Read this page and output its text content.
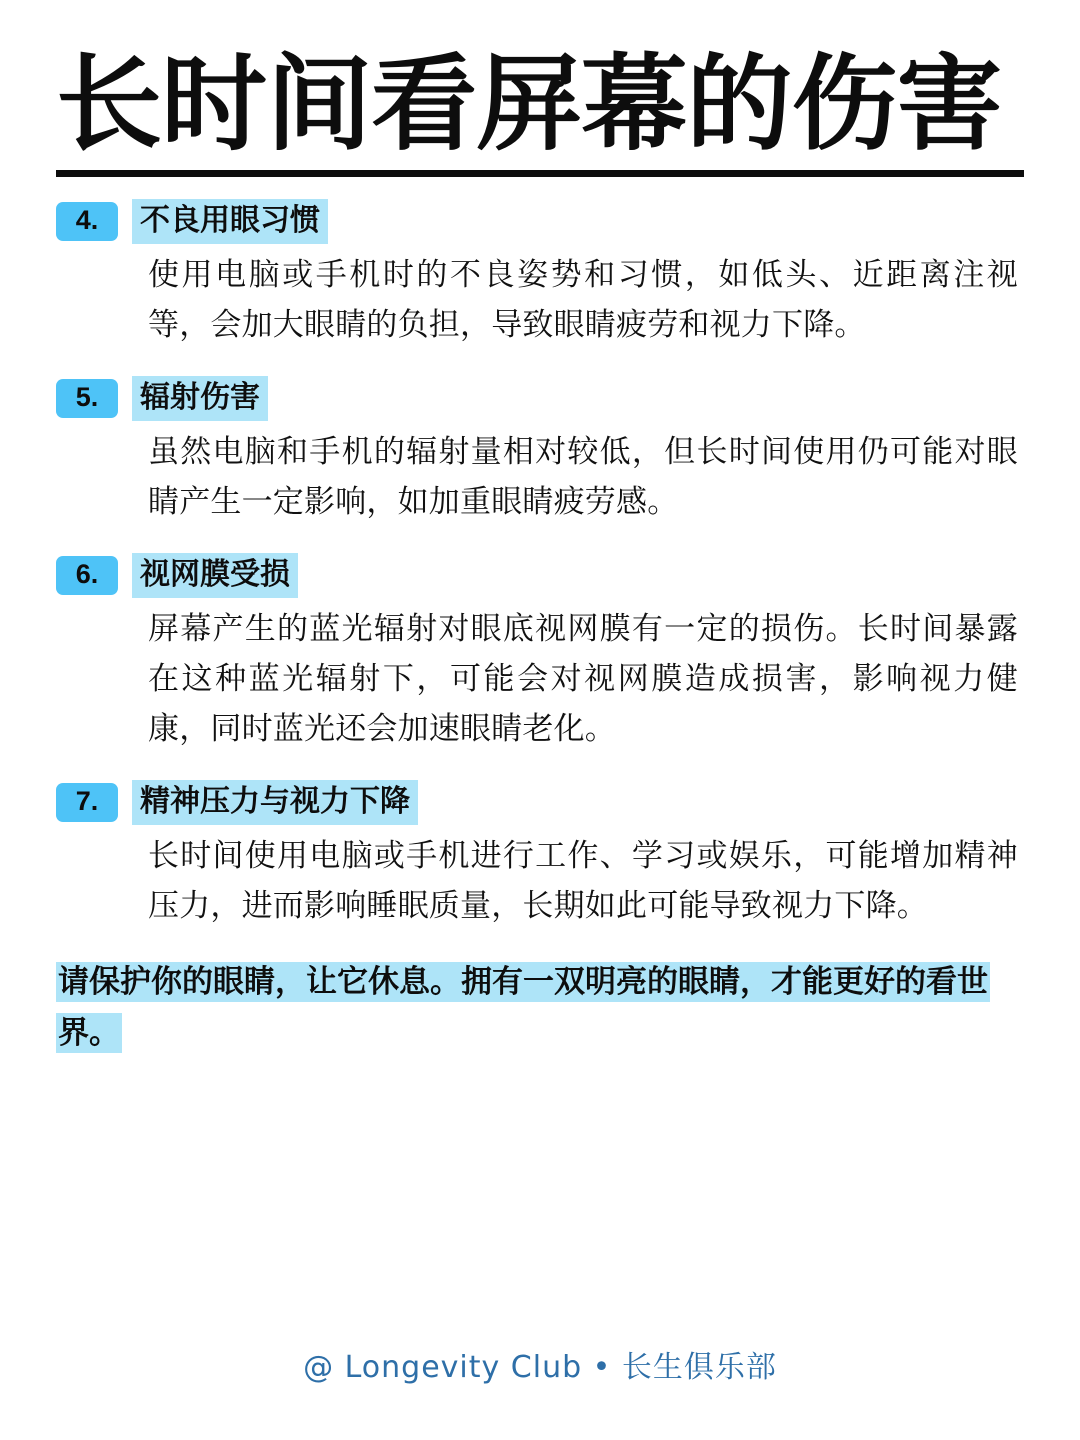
长时间看屏幕的伤害
4.	不良用眼习惯
使用电脑或手机时的不良姿势和习惯，如低头、近距离注视等，会加大眼睛的负担，导致眼睛疲劳和视力下降。
5.	辐射伤害
虽然电脑和手机的辐射量相对较低，但长时间使用仍可能对眼睛产生一定影响，如加重眼睛疲劳感。
6.	视网膜受损
屏幕产生的蓝光辐射对眼底视网膜有一定的损伤。长时间暴露在这种蓝光辐射下，可能会对视网膜造成损害，影响视力健康，同时蓝光还会加速眼睛老化。
7.	精神压力与视力下降
长时间使用电脑或手机进行工作、学习或娱乐，可能增加精神压力，进而影响睡眠质量，长期如此可能导致视力下降。
请保护你的眼睛，让它休息。拥有一双明亮的眼睛，才能更好的看世界。
@ Longevity Club • 长生俱乐部
